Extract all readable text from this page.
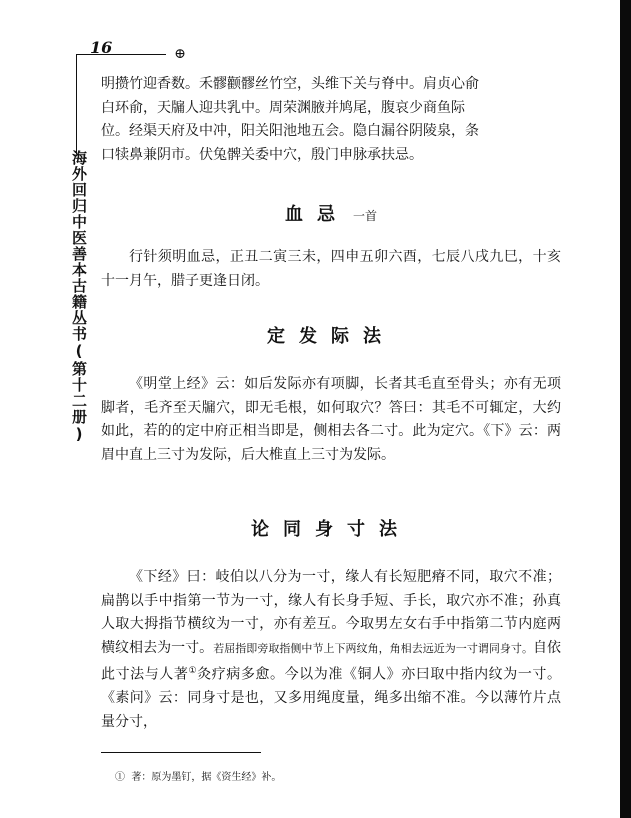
16	⊕
海外回归中医善本古籍丛书(第十二册)

明攒竹迎香数。禾髎颧髎丝竹空，头维下关与脊中。肩贞心俞

白环俞，天牖人迎共乳中。周荣渊腋并鸠尾，腹哀少商鱼际

位。经渠天府及中冲，阳关阳池地五会。隐白漏谷阴陵泉，条

口犊鼻兼阴市。伏兔髀关委中穴，殷门申脉承扶忌。

血忌 一首

行针须明血忌，正丑二寅三未，四申五卯六酉，七辰八戌九巳，十亥十一月午，腊子更逢日闭。

定发际法

《明堂上经》云：如后发际亦有项脚，长者其毛直至骨头；亦有无项脚者，毛齐至天牖穴，即无毛根，如何取穴？答曰：其毛不可辄定，大约如此，若的的定中府正相当即是，侧相去各二寸。此为定穴。《下》云：两眉中直上三寸为发际，后大椎直上三寸为发际。

论同身寸法

《下经》曰：岐伯以八分为一寸，缘人有长短肥瘠不同，取穴不准；扁鹊以手中指第一节为一寸，缘人有长身手短、手长，取穴亦不准；孙真人取大拇指节横纹为一寸，亦有差互。今取男左女右手中指第二节内庭两横纹相去为一寸。若屈指即旁取指侧中节上下两纹角，角相去远近为一寸谓同身寸。自依此寸法与人著①灸疗病多愈。今以为准《铜人》亦曰取中指内纹为一寸。《素问》云：同身寸是也，又多用绳度量，绳多出缩不准。今以薄竹片点量分寸，

① 著：原为墨钉，据《资生经》补。
